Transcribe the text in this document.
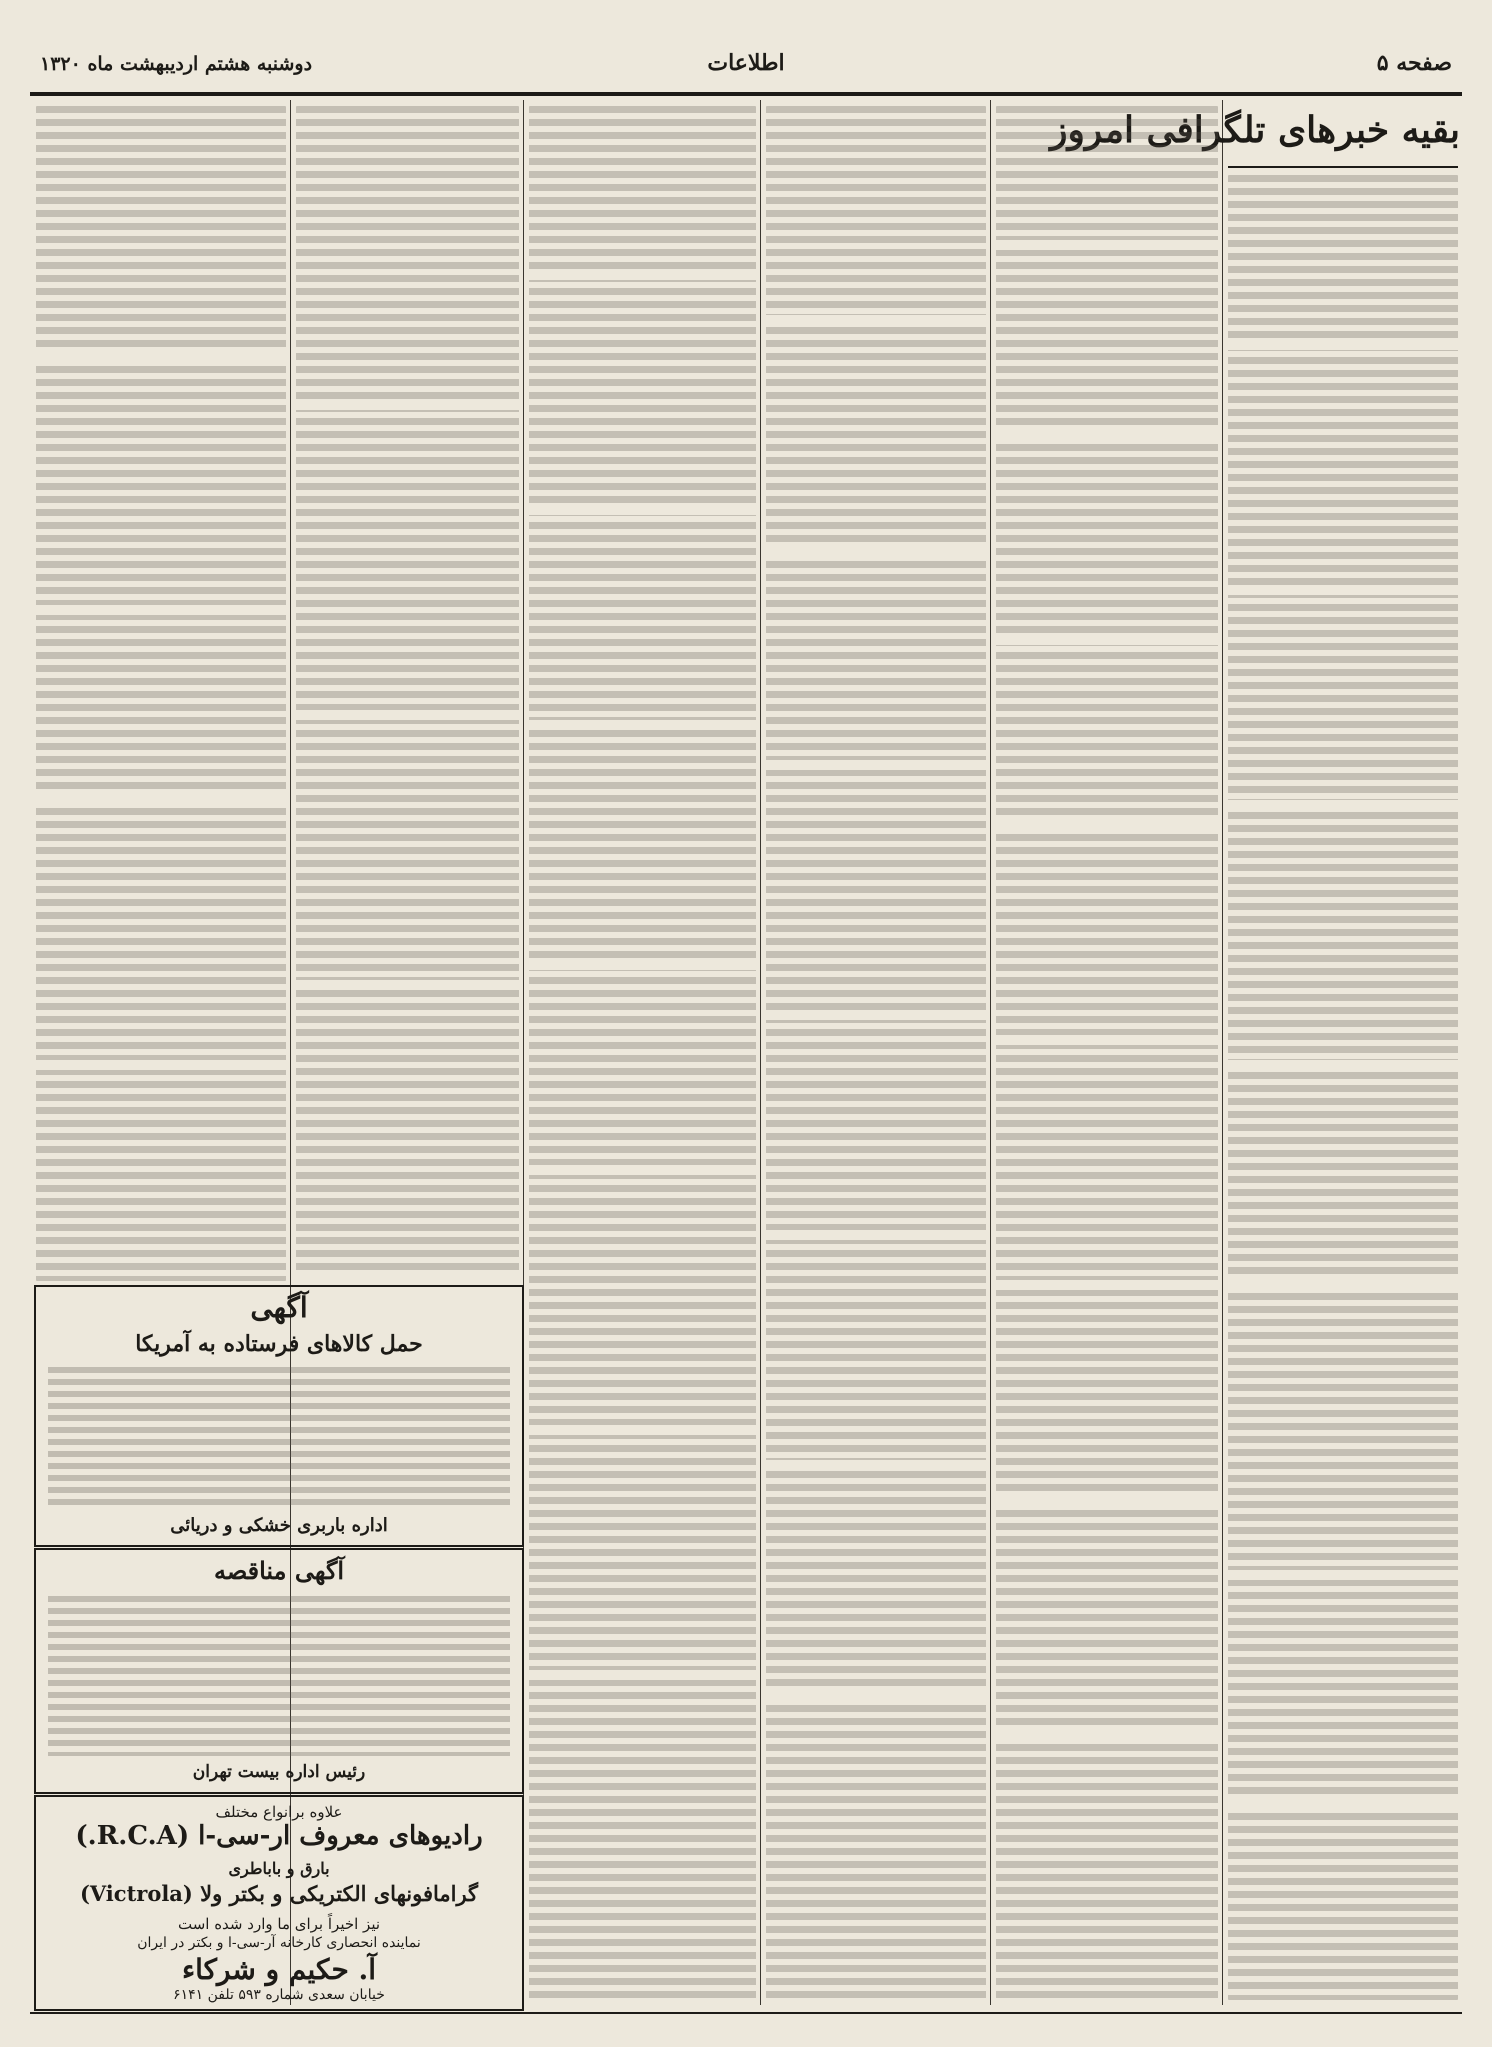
صفحه ۵
اطلاعات
دوشنبه هشتم اردیبهشت ماه ۱۳۲۰
بقیه خبرهای تلگرافی امروز
آگهی
حمل کالاهای فرستاده به آمریکا
اداره باربری خشکی و دریائی
آگهی مناقصه
رئیس اداره بیست تهران
علاوه برانواع مختلف
رادیوهای معروف ار-سی-ا (R.C.A.)
بارق و باباطری
گرامافونهای الکتریکی و بکتر ولا (Victrola)
نیز اخیراً برای ما وارد شده است
نماینده انحصاری کارخانه آر-سی-ا و بکتر در ایران
آ. حکیم و شرکاء
خیابان سعدی شماره ۵۹۳ تلفن ۶۱۴۱
